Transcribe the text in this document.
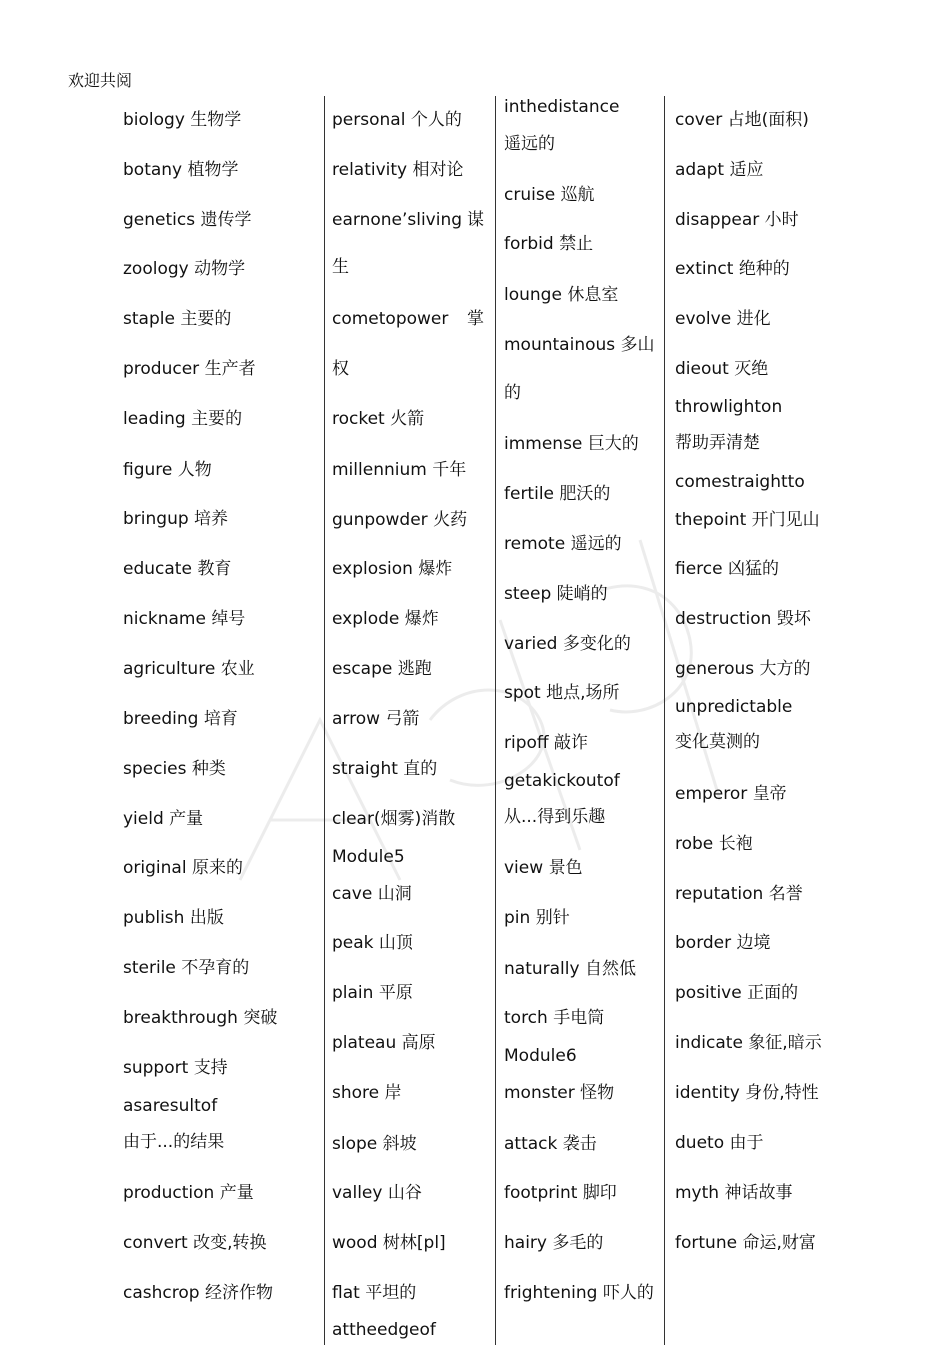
欢迎共阅
biology 生物学
botany 植物学
genetics 遗传学
zoology 动物学
staple 主要的
producer 生产者
leading 主要的
figure 人物
bringup 培养
educate 教育
nickname 绰号
agriculture 农业
breeding 培育
species 种类
yield 产量
original 原来的
publish 出版
sterile 不孕育的
breakthrough 突破
support 支持
asaresultof
由于...的结果
production 产量
convert 改变,转换
cashcrop 经济作物
personal 个人的
relativity 相对论
earnone’sliving 谋
生
cometopower 掌
权
rocket 火箭
millennium 千年
gunpowder 火药
explosion 爆炸
explode 爆炸
escape 逃跑
arrow 弓箭
straight 直的
clear(烟雾)消散
Module5
cave 山洞
peak 山顶
plain 平原
plateau 高原
shore 岸
slope 斜坡
valley 山谷
wood 树林[pl]
flat 平坦的
attheedgeof
inthedistance
遥远的
cruise 巡航
forbid 禁止
lounge 休息室
mountainous 多山
的
immense 巨大的
fertile 肥沃的
remote 遥远的
steep 陡峭的
varied 多变化的
spot 地点,场所
ripoff 敲诈
getakickoutof
从...得到乐趣
view 景色
pin 别针
naturally 自然低
torch 手电筒
Module6
monster 怪物
attack 袭击
footprint 脚印
hairy 多毛的
frightening 吓人的
cover 占地(面积)
adapt 适应
disappear 小时
extinct 绝种的
evolve 进化
dieout 灭绝
throwlighton
帮助弄清楚
comestraightto
thepoint 开门见山
fierce 凶猛的
destruction 毁坏
generous 大方的
unpredictable
变化莫测的
emperor 皇帝
robe 长袍
reputation 名誉
border 边境
positive 正面的
indicate 象征,暗示
identity 身份,特性
dueto 由于
myth 神话故事
fortune 命运,财富
